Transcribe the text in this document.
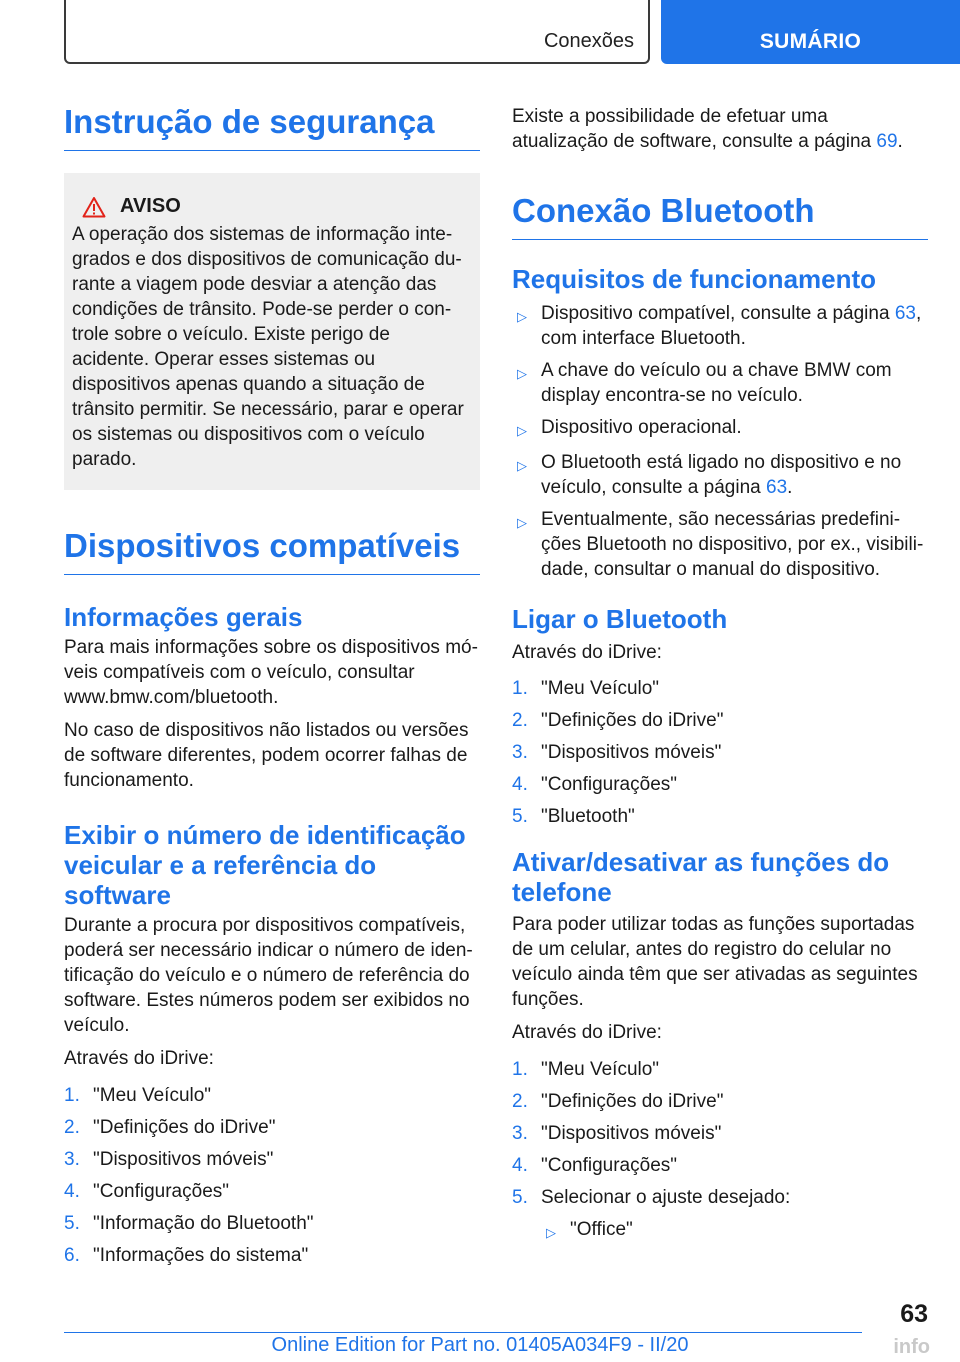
Conexões	SUMÁRIO
Instrução de segurança
AVISO

A operação dos sistemas de informação integrados e dos dispositivos de comunicação durante a viagem pode desviar a atenção das condições de trânsito. Pode-se perder o controle sobre o veículo. Existe perigo de acidente. Operar esses sistemas ou dispositivos apenas quando a situação de trânsito permitir. Se necessário, parar e operar os sistemas ou dispositivos com o veículo parado.

Dispositivos compatíveis
Informações gerais

Para mais informações sobre os dispositivos móveis compatíveis com o veículo, consultar www.bmw.com/bluetooth.

No caso de dispositivos não listados ou versões de software diferentes, podem ocorrer falhas de funcionamento.

Exibir o número de identificação veicular e a referência do software

Durante a procura por dispositivos compatíveis, poderá ser necessário indicar o número de identificação do veículo e o número de referência do software. Estes números podem ser exibidos no veículo.

Através do iDrive:

1. "Meu Veículo"
2. "Definições do iDrive"
3. "Dispositivos móveis"
4. "Configurações"
5. "Informação do Bluetooth"
6. "Informações do sistema"

Existe a possibilidade de efetuar uma atualização de software, consulte a página 69.

Conexão Bluetooth
Requisitos de funcionamento
▷ Dispositivo compatível, consulte a página 63, com interface Bluetooth.
▷ A chave do veículo ou a chave BMW com display encontra-se no veículo.
▷ Dispositivo operacional.
▷ O Bluetooth está ligado no dispositivo e no veículo, consulte a página 63.
▷ Eventualmente, são necessárias predefinições Bluetooth no dispositivo, por ex., visibilidade, consultar o manual do dispositivo.
Ligar o Bluetooth

Através do iDrive:

1. "Meu Veículo"
2. "Definições do iDrive"
3. "Dispositivos móveis"
4. "Configurações"
5. "Bluetooth"
Ativar/desativar as funções do telefone

Para poder utilizar todas as funções suportadas de um celular, antes do registro do celular no veículo ainda têm que ser ativadas as seguintes funções.

Através do iDrive:

1. "Meu Veículo"
2. "Definições do iDrive"
3. "Dispositivos móveis"
4. "Configurações"
5. Selecionar o ajuste desejado:
▷ "Office"
63
Online Edition for Part no. 01405A034F9 - II/20	info
